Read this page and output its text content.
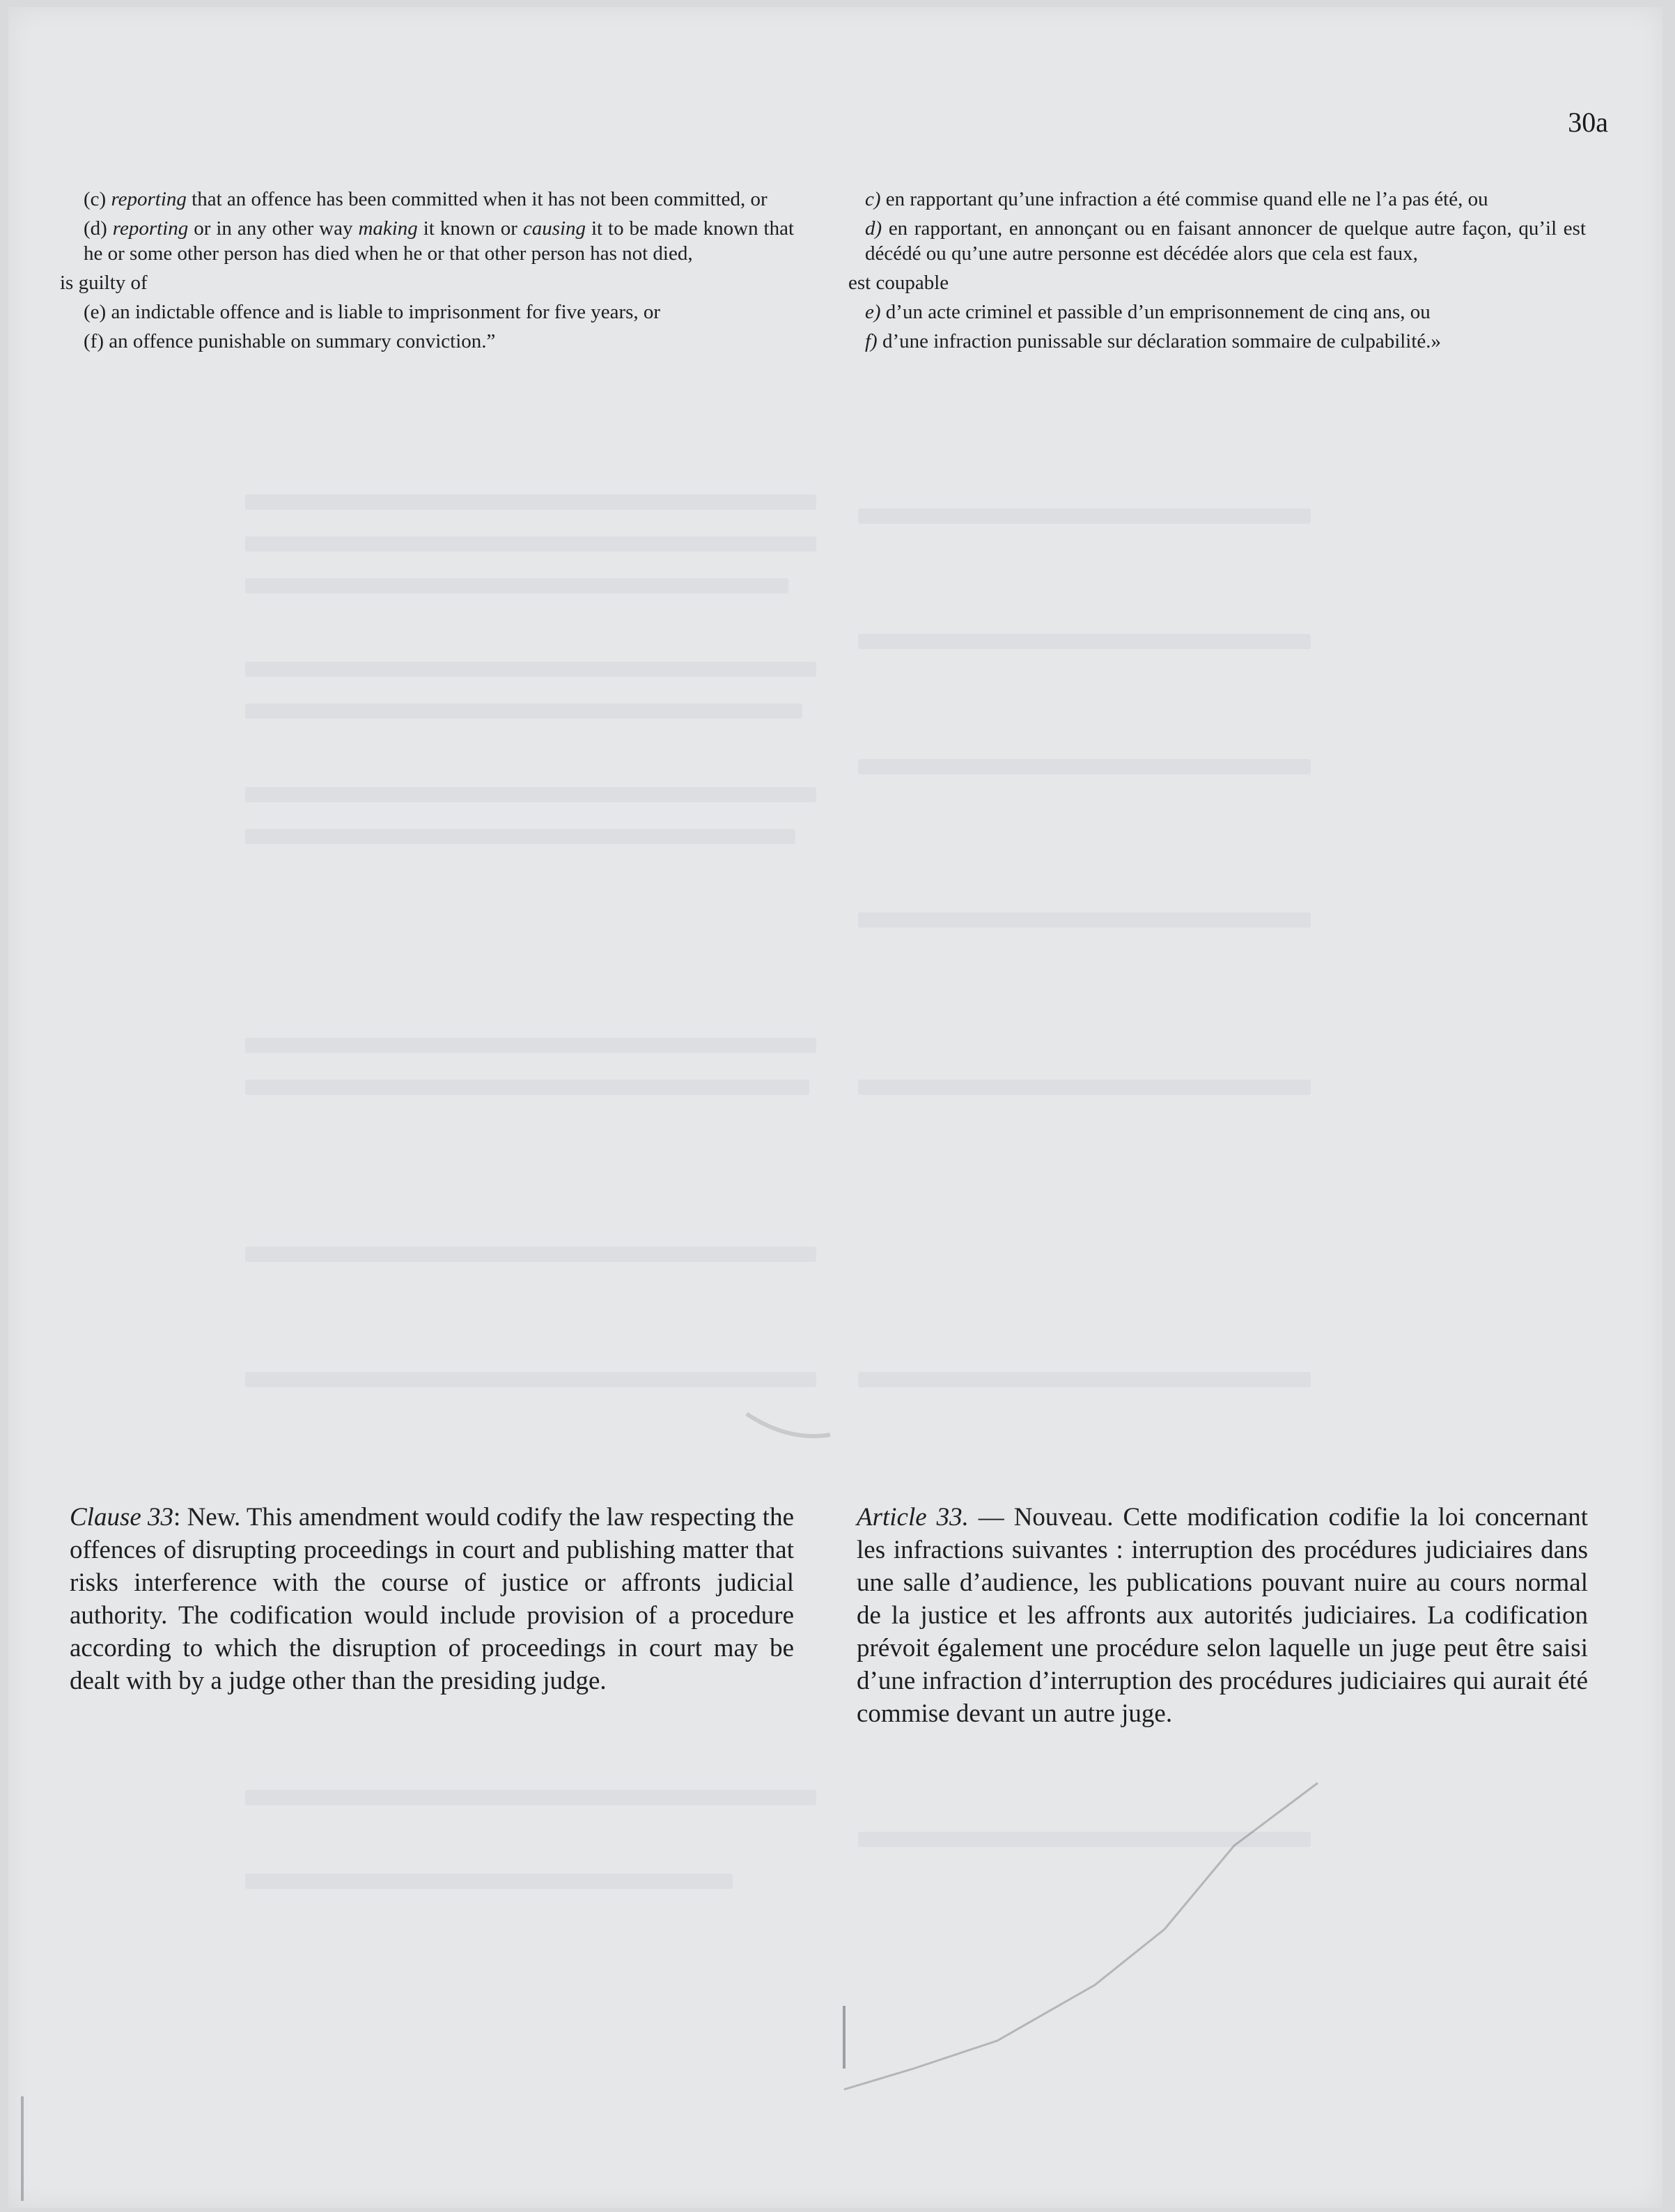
30a

(c) reporting that an offence has been committed when it has not been committed, or

(d) reporting or in any other way making it known or causing it to be made known that he or some other person has died when he or that other person has not died,

is guilty of

(e) an indictable offence and is liable to imprisonment for five years, or

(f) an offence punishable on summary conviction.”

c) en rapportant qu’une infraction a été commise quand elle ne l’a pas été, ou

d) en rapportant, en annonçant ou en faisant annoncer de quelque autre façon, qu’il est décédé ou qu’une autre personne est décédée alors que cela est faux,

est coupable

e) d’un acte criminel et passible d’un emprisonnement de cinq ans, ou

f) d’une infraction punissable sur déclaration sommaire de culpabilité.»

Clause 33: New. This amendment would codify the law respecting the offences of disrupting proceedings in court and publishing matter that risks interference with the course of justice or affronts judicial authority. The codification would include provision of a procedure according to which the disruption of proceedings in court may be dealt with by a judge other than the presiding judge.

Article 33. — Nouveau. Cette modification codifie la loi concernant les infractions suivantes : interruption des procédures judiciaires dans une salle d’audience, les publications pouvant nuire au cours normal de la justice et les affronts aux autorités judiciaires. La codification prévoit également une procédure selon laquelle un juge peut être saisi d’une infraction d’interruption des procédures judiciaires qui aurait été commise devant un autre juge.
